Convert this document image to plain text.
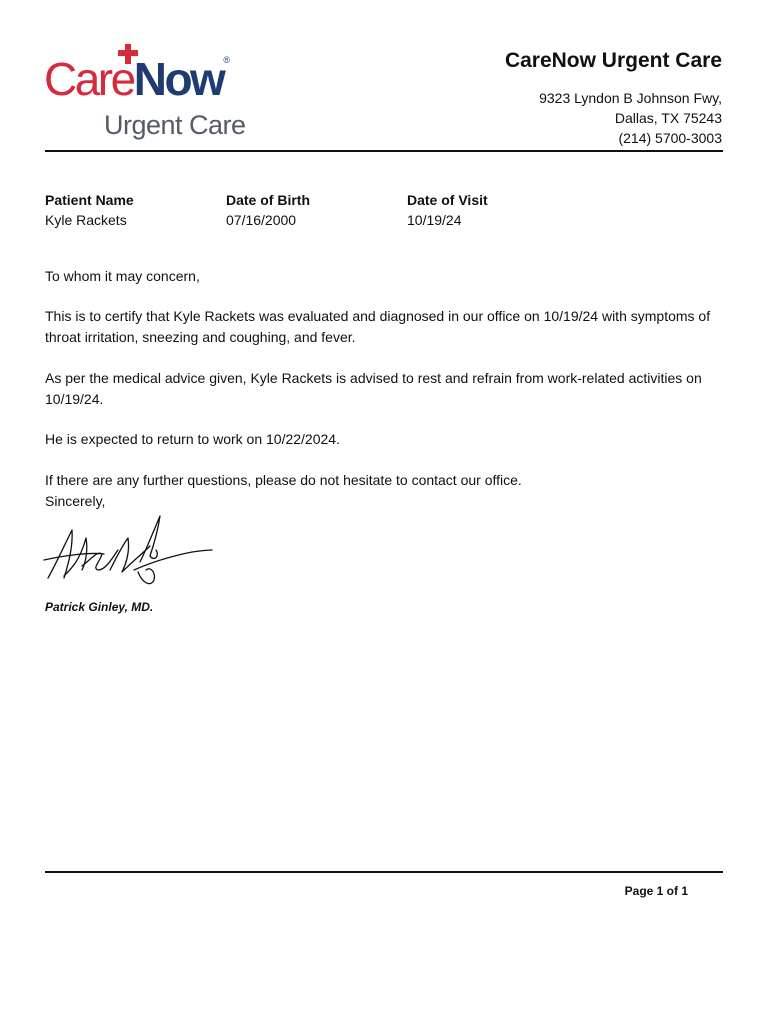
CareNow®
Urgent Care
CareNow Urgent Care
9323 Lyndon B Johnson Fwy,
Dallas, TX 75243
(214) 5700-3003
Patient Name
Kyle Rackets
Date of Birth
07/16/2000
Date of Visit
10/19/24

To whom it may concern,

This is to certify that Kyle Rackets was evaluated and diagnosed in our office on 10/19/24 with symptoms of throat irritation, sneezing and coughing, and fever.

As per the medical advice given, Kyle Rackets is advised to rest and refrain from work-related activities on 10/19/24.

He is expected to return to work on 10/22/2024.

If there are any further questions, please do not hesitate to contact our office.

Sincerely,

Patrick Ginley, MD.
Page 1 of 1
